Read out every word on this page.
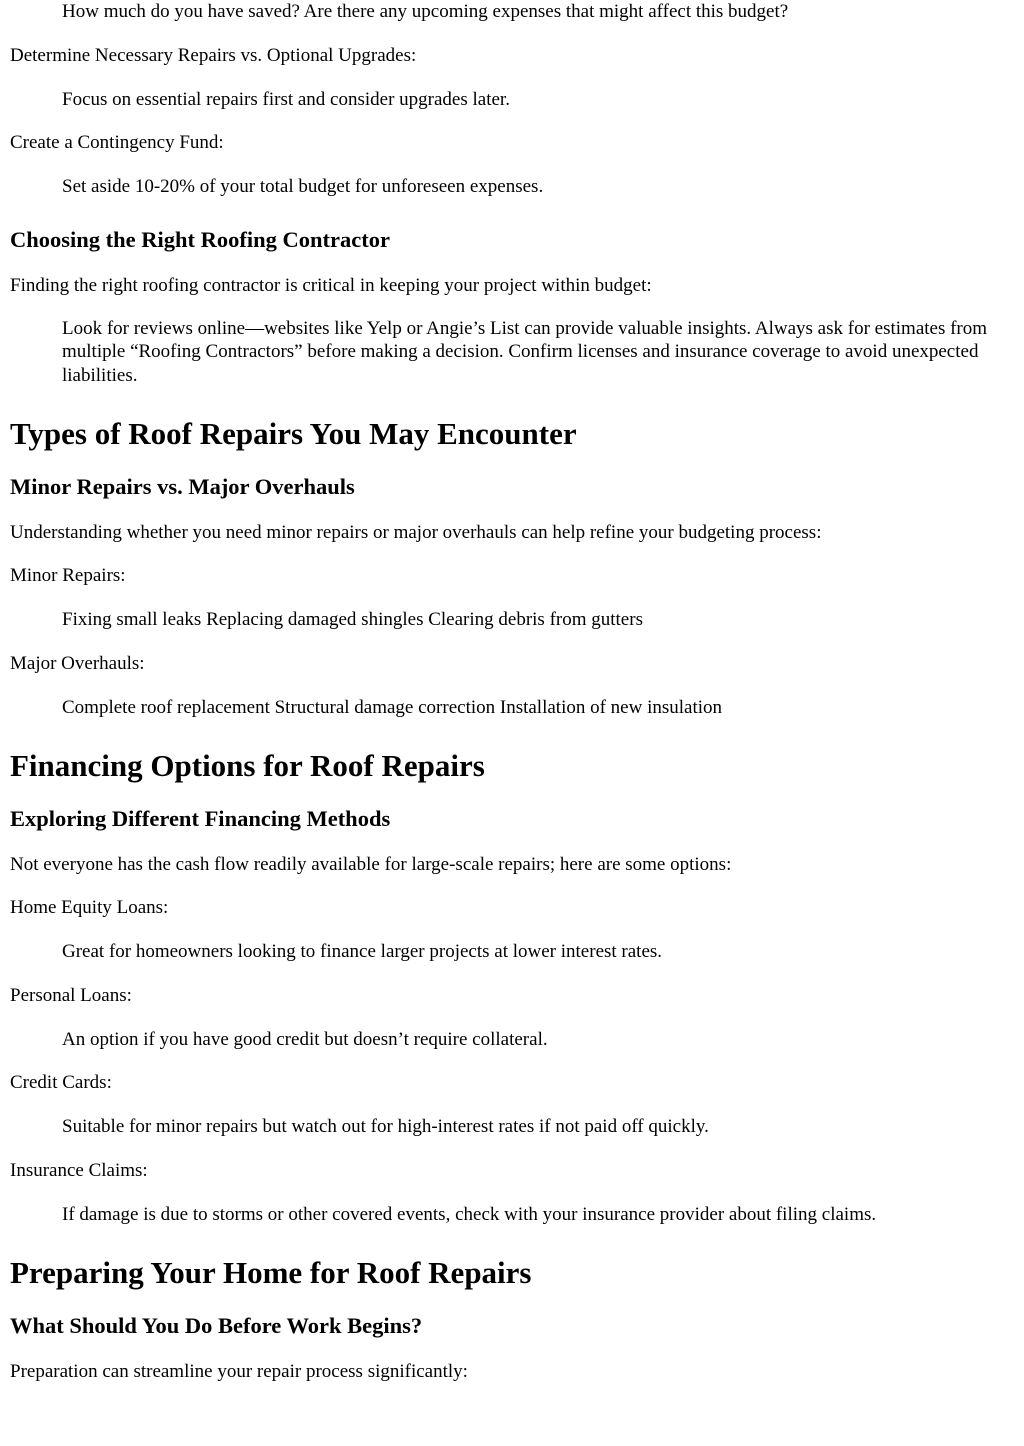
How much do you have saved? Are there any upcoming expenses that might affect this budget?

Determine Necessary Repairs vs. Optional Upgrades:

Focus on essential repairs first and consider upgrades later.

Create a Contingency Fund:

Set aside 10-20% of your total budget for unforeseen expenses.

Choosing the Right Roofing Contractor

Finding the right roofing contractor is critical in keeping your project within budget:

Look for reviews online—websites like Yelp or Angie’s List can provide valuable insights. Always ask for estimates from multiple “Roofing Contractors” before making a decision. Confirm licenses and insurance coverage to avoid unexpected liabilities.

Types of Roof Repairs You May Encounter
Minor Repairs vs. Major Overhauls

Understanding whether you need minor repairs or major overhauls can help refine your budgeting process:

Minor Repairs:

Fixing small leaks Replacing damaged shingles Clearing debris from gutters

Major Overhauls:

Complete roof replacement Structural damage correction Installation of new insulation

Financing Options for Roof Repairs
Exploring Different Financing Methods

Not everyone has the cash flow readily available for large-scale repairs; here are some options:

Home Equity Loans:

Great for homeowners looking to finance larger projects at lower interest rates.

Personal Loans:

An option if you have good credit but doesn’t require collateral.

Credit Cards:

Suitable for minor repairs but watch out for high-interest rates if not paid off quickly.

Insurance Claims:

If damage is due to storms or other covered events, check with your insurance provider about filing claims.

Preparing Your Home for Roof Repairs
What Should You Do Before Work Begins?

Preparation can streamline your repair process significantly:
